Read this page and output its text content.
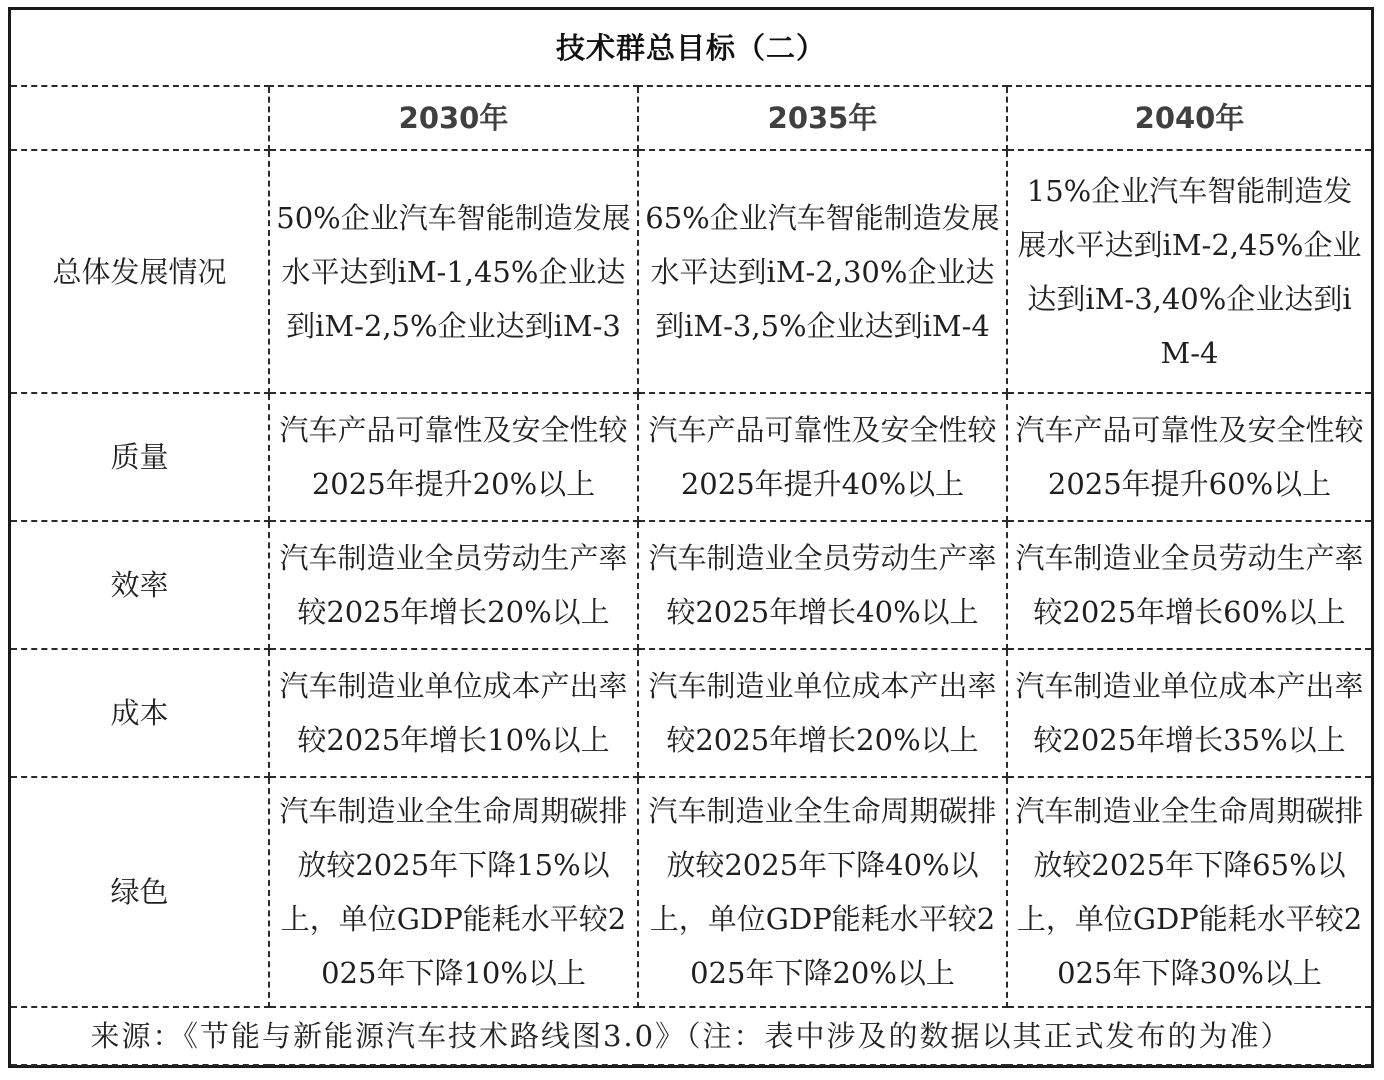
技术群总目标（二）			
	2030年	2035年	2040年
总体发展情况	50%企业汽车智能制造发展水平达到iM-1,45%企业达到iM-2,5%企业达到iM-3	65%企业汽车智能制造发展水平达到iM-2,30%企业达到iM-3,5%企业达到iM-4	15%企业汽车智能制造发展水平达到iM-2,45%企业达到iM-3,40%企业达到iM-4
质量	汽车产品可靠性及安全性较2025年提升20%以上	汽车产品可靠性及安全性较2025年提升40%以上	汽车产品可靠性及安全性较2025年提升60%以上
效率	汽车制造业全员劳动生产率较2025年增长20%以上	汽车制造业全员劳动生产率较2025年增长40%以上	汽车制造业全员劳动生产率较2025年增长60%以上
成本	汽车制造业单位成本产出率较2025年增长10%以上	汽车制造业单位成本产出率较2025年增长20%以上	汽车制造业单位成本产出率较2025年增长35%以上
绿色	汽车制造业全生命周期碳排放较2025年下降15%以上，单位GDP能耗水平较2025年下降10%以上	汽车制造业全生命周期碳排放较2025年下降40%以上，单位GDP能耗水平较2025年下降20%以上	汽车制造业全生命周期碳排放较2025年下降65%以上，单位GDP能耗水平较2025年下降30%以上
来源：《节能与新能源汽车技术路线图3.0》（注：表中涉及的数据以其正式发布的为准）			
